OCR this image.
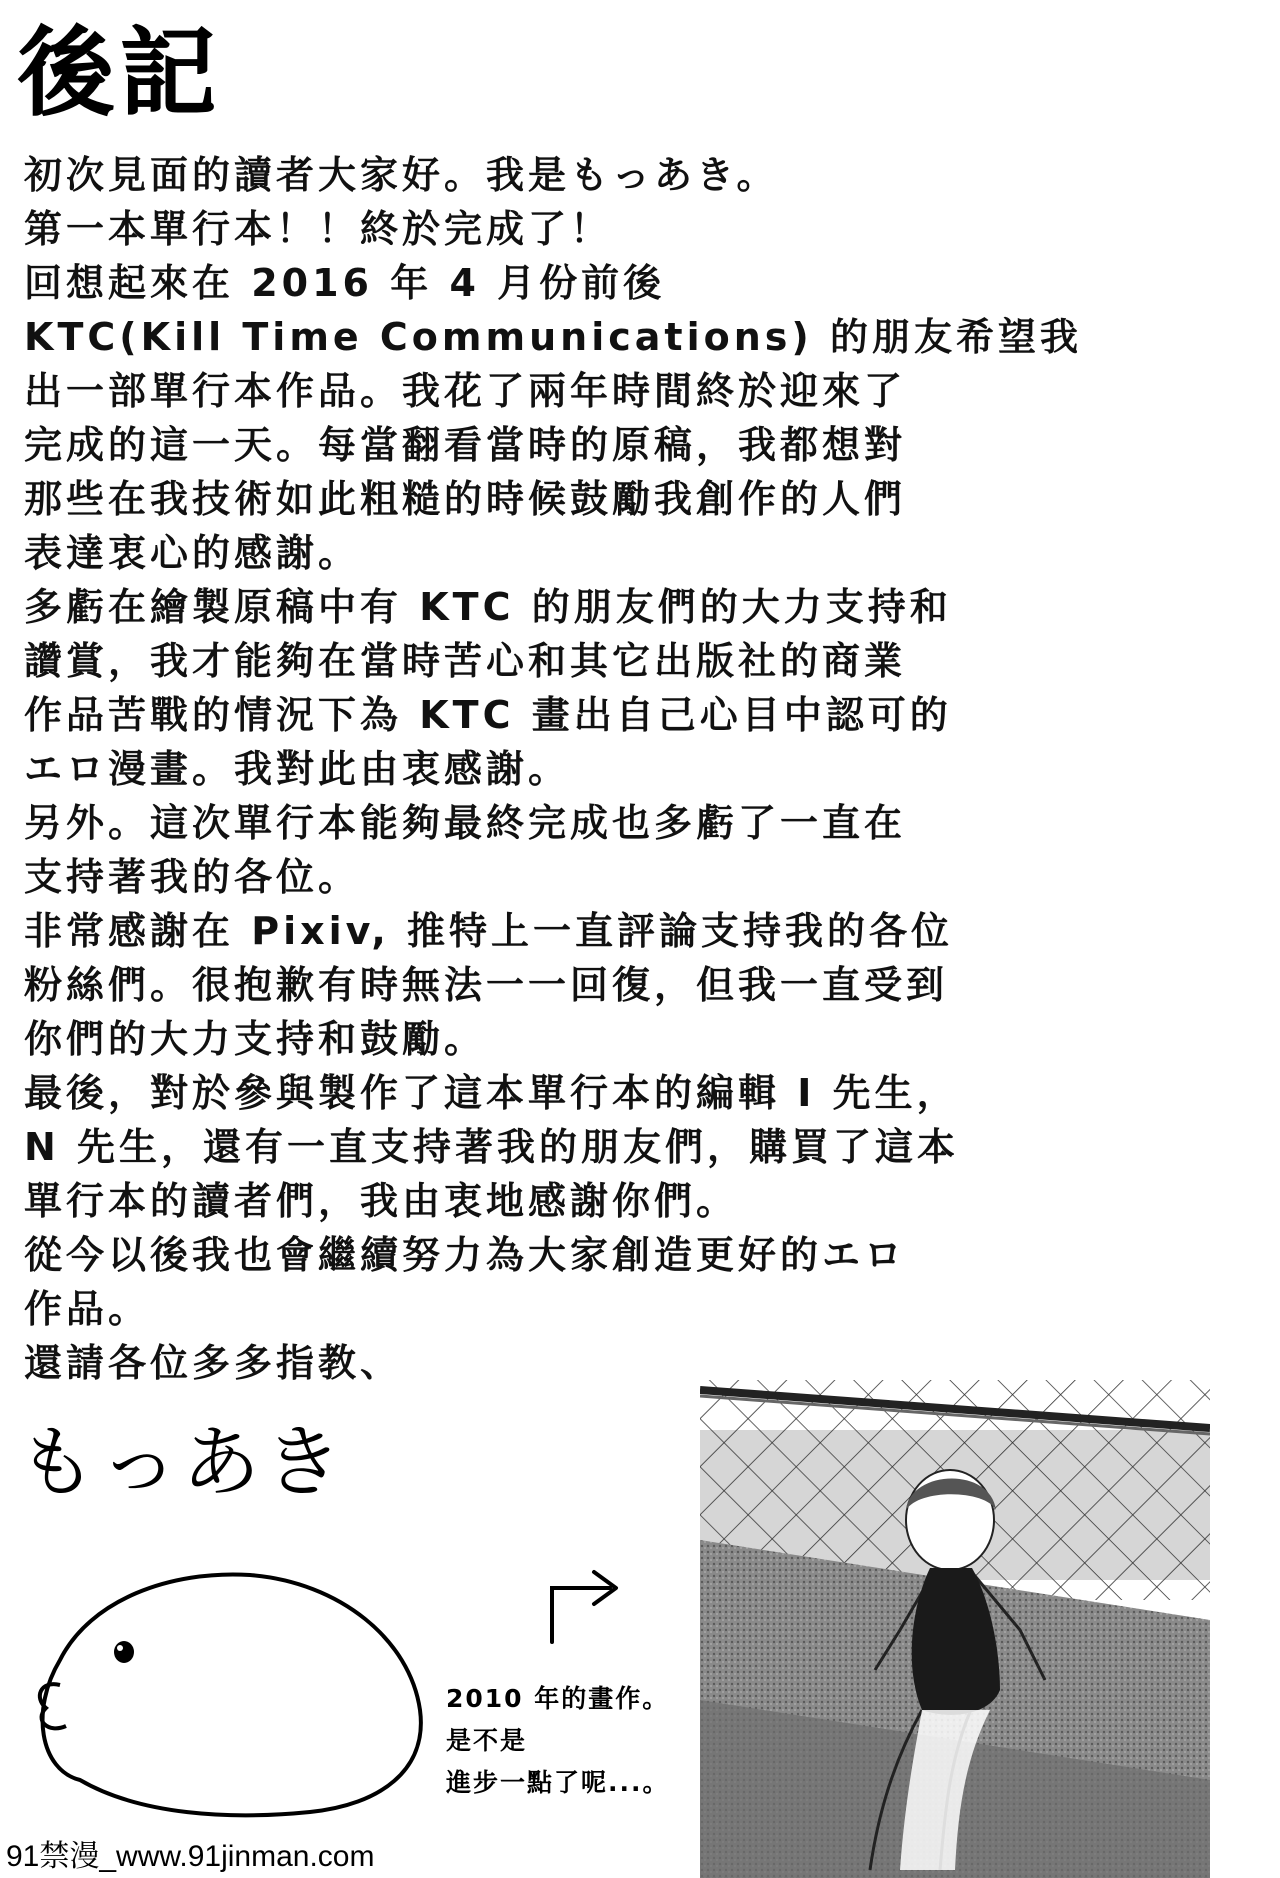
後記
初次見面的讀者大家好。我是もっあき。
第一本單行本！！終於完成了！
回想起來在 2016 年 4 月份前後
KTC(Kill Time Communications) 的朋友希望我
出一部單行本作品。我花了兩年時間終於迎來了
完成的這一天。每當翻看當時的原稿，我都想對
那些在我技術如此粗糙的時候鼓勵我創作的人們
表達衷心的感謝。
多虧在繪製原稿中有 KTC 的朋友們的大力支持和
讚賞，我才能夠在當時苦心和其它出版社的商業
作品苦戰的情況下為 KTC 畫出自己心目中認可的
エロ漫畫。我對此由衷感謝。
另外。這次單行本能夠最終完成也多虧了一直在
支持著我的各位。
非常感謝在 Pixiv, 推特上一直評論支持我的各位
粉絲們。很抱歉有時無法一一回復，但我一直受到
你們的大力支持和鼓勵。
最後，對於參與製作了這本單行本的編輯 I 先生，
N 先生，還有一直支持著我的朋友們，購買了這本
單行本的讀者們，我由衷地感謝你們。
從今以後我也會繼續努力為大家創造更好的エロ
作品。
還請各位多多指教、
もっあき
2010 年的畫作。
是不是
進步一點了呢...。
91禁漫_www.91jinman.com
